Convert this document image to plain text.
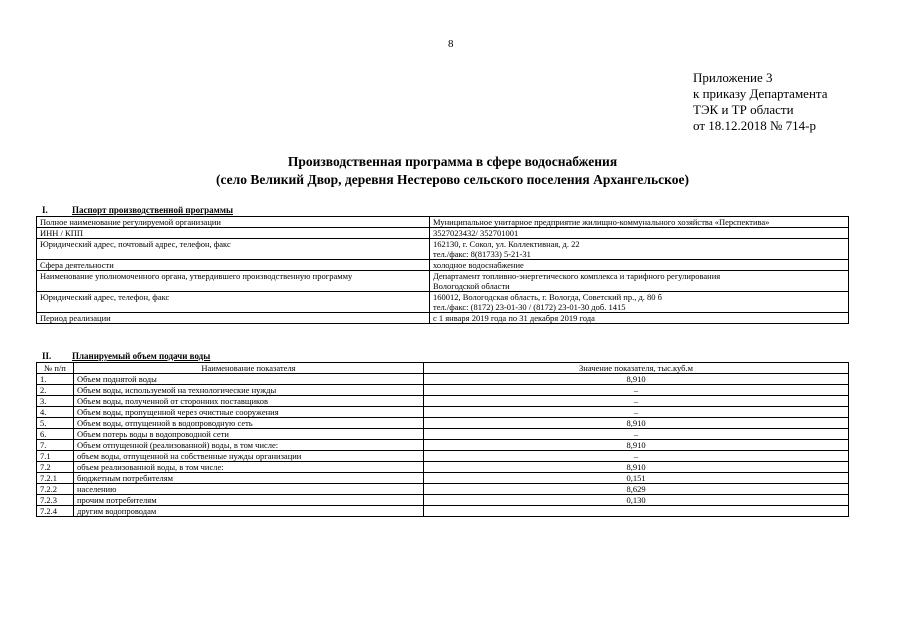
8
Приложение 3
к приказу Департамента
ТЭК и ТР области
от 18.12.2018 № 714-р
Производственная программа в сфере водоснабжения
(село Великий Двор, деревня Нестерово сельского поселения Архангельское)
I.	Паспорт производственной программы
Полное наименование регулируемой организации	Муниципальное унитарное предприятие жилищно-коммунального хозяйства «Перспектива»

ИНН / КПП	3527023432/ 352701001

Юридический адрес, почтовый адрес, телефон, факс	162130, г. Сокол, ул. Коллективная, д. 22
тел./факс: 8(81733) 5-21-31

Сфера деятельности	холодное водоснабжение

Наименование уполномоченного органа, утвердившего производственную программу	Департамент топливно-энергетического комплекса и тарифного регулирования
Вологодской области

Юридический адрес, телефон, факс	160012, Вологодская область, г. Вологда, Советский пр., д. 80 б
тел./факс: (8172) 23-01-30 / (8172) 23-01-30 доб. 1415

Период реализации	с 1 января 2019 года по 31 декабря 2019 года
II. Планируемый объем подачи воды
№ п/п	Наименование показателя	Значение показателя, тыс.куб.м
1.	Объем поднятой воды	8,910
2.	Объем воды, используемой на технологические нужды	–
3.	Объем воды, полученной от сторонних поставщиков	–
4.	Объем воды, пропущенной через очистные сооружения	–
5.	Объем воды, отпущенной в водопроводную сеть	8,910
6.	Объем потерь воды в водопроводной сети	–
7.	Объем отпущенной (реализованной) воды, в том числе:	8,910
7.1	объем воды, отпущенной на собственные нужды организации	–
7.2	объем реализованной воды, в том числе:	8,910
7.2.1	бюджетным потребителям	0,151
7.2.2	населению	8,629
7.2.3	прочим потребителям	0,130
7.2.4	другим водопроводам	
